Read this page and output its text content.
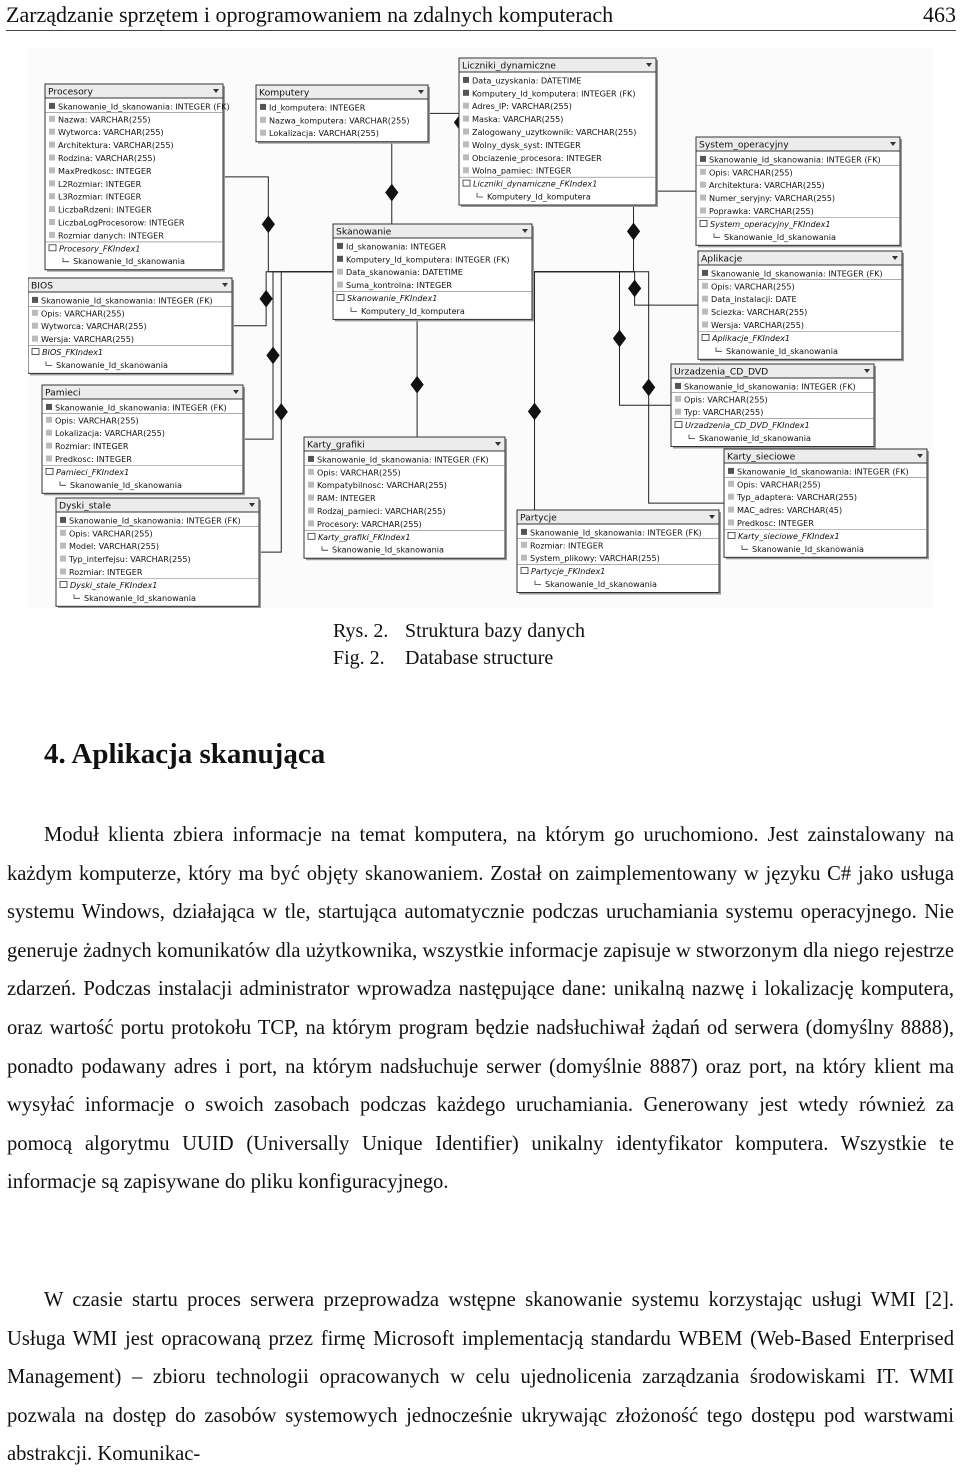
Zarządzanie sprzętem i oprogramowaniem na zdalnych komputerach	463
Procesory
Skanowanie_Id_skanowania: INTEGER (FK)
Nazwa: VARCHAR(255)
Wytworca: VARCHAR(255)
Architektura: VARCHAR(255)
Rodzina: VARCHAR(255)
MaxPredkosc: INTEGER
L2Rozmiar: INTEGER
L3Rozmiar: INTEGER
LiczbaRdzeni: INTEGER
LiczbaLogProcesorow: INTEGER
Rozmiar danych: INTEGER
Procesory_FKIndex1
Skanowanie_Id_skanowania
Komputery
Id_komputera: INTEGER
Nazwa_komputera: VARCHAR(255)
Lokalizacja: VARCHAR(255)
Liczniki_dynamiczne
Data_uzyskania: DATETIME
Komputery_Id_komputera: INTEGER (FK)
Adres_IP: VARCHAR(255)
Maska: VARCHAR(255)
Zalogowany_uzytkownik: VARCHAR(255)
Wolny_dysk_syst: INTEGER
Obciazenie_procesora: INTEGER
Wolna_pamiec: INTEGER
Liczniki_dynamiczne_FKIndex1
Komputery_Id_komputera
System_operacyjny
Skanowanie_Id_skanowania: INTEGER (FK)
Opis: VARCHAR(255)
Architektura: VARCHAR(255)
Numer_seryjny: VARCHAR(255)
Poprawka: VARCHAR(255)
System_operacyjny_FKIndex1
Skanowanie_Id_skanowania
Skanowanie
Id_skanowania: INTEGER
Komputery_Id_komputera: INTEGER (FK)
Data_skanowania: DATETIME
Suma_kontrolna: INTEGER
Skanowanie_FKIndex1
Komputery_Id_komputera
BIOS
Skanowanie_Id_skanowania: INTEGER (FK)
Opis: VARCHAR(255)
Wytworca: VARCHAR(255)
Wersja: VARCHAR(255)
BIOS_FKIndex1
Skanowanie_Id_skanowania
Aplikacje
Skanowanie_Id_skanowania: INTEGER (FK)
Opis: VARCHAR(255)
Data_instalacji: DATE
Sciezka: VARCHAR(255)
Wersja: VARCHAR(255)
Aplikacje_FKIndex1
Skanowanie_Id_skanowania
Pamieci
Skanowanie_Id_skanowania: INTEGER (FK)
Opis: VARCHAR(255)
Lokalizacja: VARCHAR(255)
Rozmiar: INTEGER
Predkosc: INTEGER
Pamieci_FKIndex1
Skanowanie_Id_skanowania
Urzadzenia_CD_DVD
Skanowanie_Id_skanowania: INTEGER (FK)
Opis: VARCHAR(255)
Typ: VARCHAR(255)
Urzadzenia_CD_DVD_FKIndex1
Skanowanie_Id_skanowania
Karty_grafiki
Skanowanie_Id_skanowania: INTEGER (FK)
Opis: VARCHAR(255)
Kompatybilnosc: VARCHAR(255)
RAM: INTEGER
Rodzaj_pamieci: VARCHAR(255)
Procesory: VARCHAR(255)
Karty_grafiki_FKIndex1
Skanowanie_Id_skanowania
Karty_sieciowe
Skanowanie_Id_skanowania: INTEGER (FK)
Opis: VARCHAR(255)
Typ_adaptera: VARCHAR(255)
MAC_adres: VARCHAR(45)
Predkosc: INTEGER
Karty_sieciowe_FKIndex1
Skanowanie_Id_skanowania
Dyski_stale
Skanowanie_Id_skanowania: INTEGER (FK)
Opis: VARCHAR(255)
Model: VARCHAR(255)
Typ_interfejsu: VARCHAR(255)
Rozmiar: INTEGER
Dyski_stale_FKIndex1
Skanowanie_Id_skanowania
Partycje
Skanowanie_Id_skanowania: INTEGER (FK)
Rozmiar: INTEGER
System_plikowy: VARCHAR(255)
Partycje_FKIndex1
Skanowanie_Id_skanowania
Rys. 2. Struktura bazy danych
Fig. 2. Database structure
4. Aplikacja skanująca

Moduł klienta zbiera informacje na temat komputera, na którym go uruchomiono. Jest zainstalowany na każdym komputerze, który ma być objęty skanowaniem. Został on zaimplementowany w języku C# jako usługa systemu Windows, działająca w tle, startująca automatycznie podczas uruchamiania systemu operacyjnego. Nie generuje żadnych komunikatów dla użytkownika, wszystkie informacje zapisuje w stworzonym dla niego rejestrze zdarzeń. Podczas instalacji administrator wprowadza następujące dane: unikalną nazwę i lokalizację komputera, oraz wartość portu protokołu TCP, na którym program będzie nadsłuchiwał żądań od serwera (domyślny 8888), ponadto podawany adres i port, na którym nadsłuchuje serwer (domyślnie 8887) oraz port, na który klient ma wysyłać informacje o swoich zasobach podczas każdego uruchamiania. Generowany jest wtedy również za pomocą algorytmu UUID (Universally Unique Identifier) unikalny identyfikator komputera. Wszystkie te informacje są zapisywane do pliku konfiguracyjnego.

W czasie startu proces serwera przeprowadza wstępne skanowanie systemu korzystając usługi WMI [2]. Usługa WMI jest opracowaną przez firmę Microsoft implementacją standardu WBEM (Web-Based Enterprised Management) – zbioru technologii opracowanych w celu ujednolicenia zarządzania środowiskami IT. WMI pozwala na dostęp do zasobów systemowych jednocześnie ukrywając złożoność tego dostępu pod warstwami abstrakcji. Komunikac-
